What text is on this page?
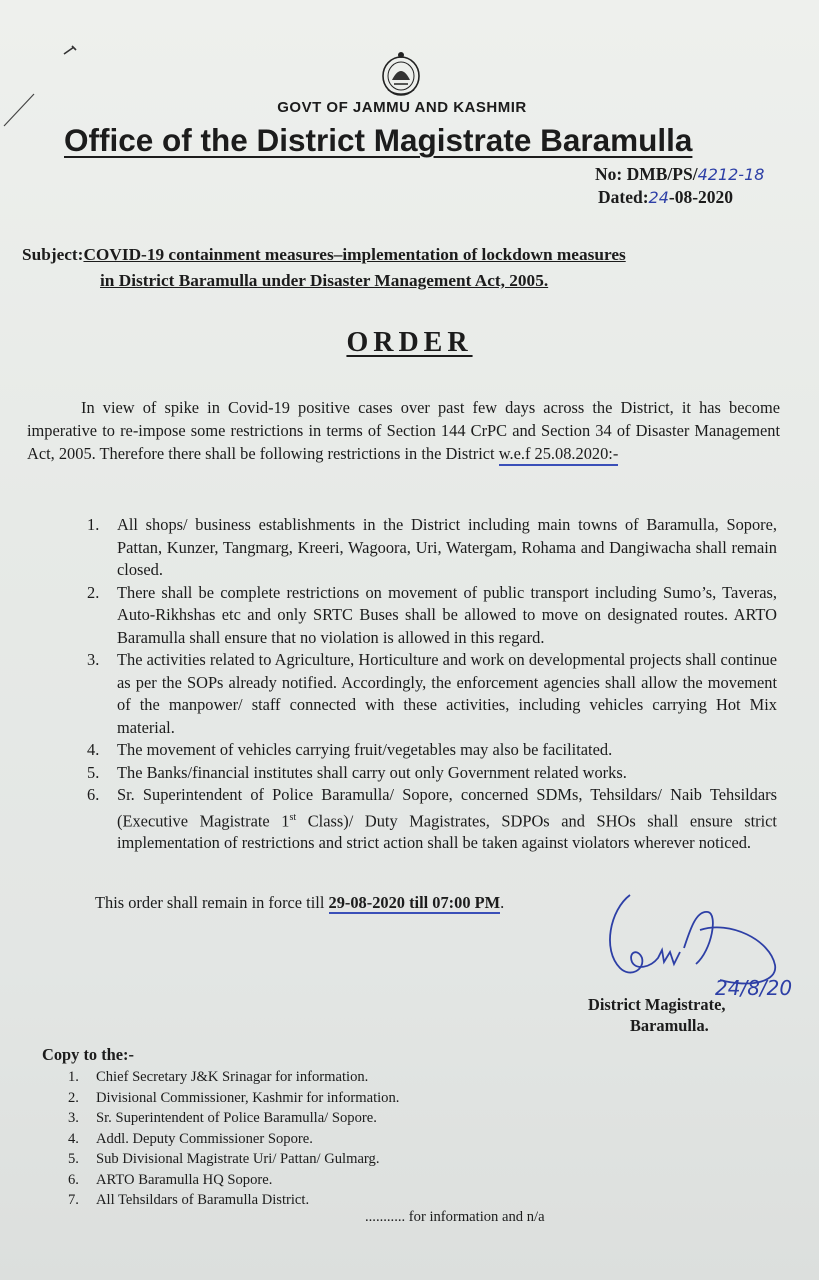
GOVT OF JAMMU AND KASHMIR
Office of the District Magistrate Baramulla
No: DMB/PS/4212-18
Dated:24-08-2020
Subject:COVID-19 containment measures–implementation of lockdown measures
in District Baramulla under Disaster Management Act, 2005.
ORDER

In view of spike in Covid-19 positive cases over past few days across the District, it has become imperative to re-impose some restrictions in terms of Section 144 CrPC and Section 34 of Disaster Management Act, 2005. Therefore there shall be following restrictions in the District w.e.f 25.08.2020:-

1. All shops/ business establishments in the District including main towns of Baramulla, Sopore, Pattan, Kunzer, Tangmarg, Kreeri, Wagoora, Uri, Watergam, Rohama and Dangiwacha shall remain closed.
2. There shall be complete restrictions on movement of public transport including Sumo’s, Taveras, Auto-Rikhshas etc and only SRTC Buses shall be allowed to move on designated routes. ARTO Baramulla shall ensure that no violation is allowed in this regard.
3. The activities related to Agriculture, Horticulture and work on developmental projects shall continue as per the SOPs already notified. Accordingly, the enforcement agencies shall allow the movement of the manpower/ staff connected with these activities, including vehicles carrying Hot Mix material.
4. The movement of vehicles carrying fruit/vegetables may also be facilitated.
5. The Banks/financial institutes shall carry out only Government related works.
6. Sr. Superintendent of Police Baramulla/ Sopore, concerned SDMs, Tehsildars/ Naib Tehsildars (Executive Magistrate 1st Class)/ Duty Magistrates, SDPOs and SHOs shall ensure strict implementation of restrictions and strict action shall be taken against violators wherever noticed.
This order shall remain in force till 29-08-2020 till 07:00 PM.
24/8/20
District Magistrate,
Baramulla.
Copy to the:-
1. Chief Secretary J&K Srinagar for information.
2. Divisional Commissioner, Kashmir for information.
3. Sr. Superintendent of Police Baramulla/ Sopore.
4. Addl. Deputy Commissioner Sopore.
5. Sub Divisional Magistrate Uri/ Pattan/ Gulmarg.
6. ARTO Baramulla HQ Sopore.
7. All Tehsildars of Baramulla District.
........... for information and n/a
